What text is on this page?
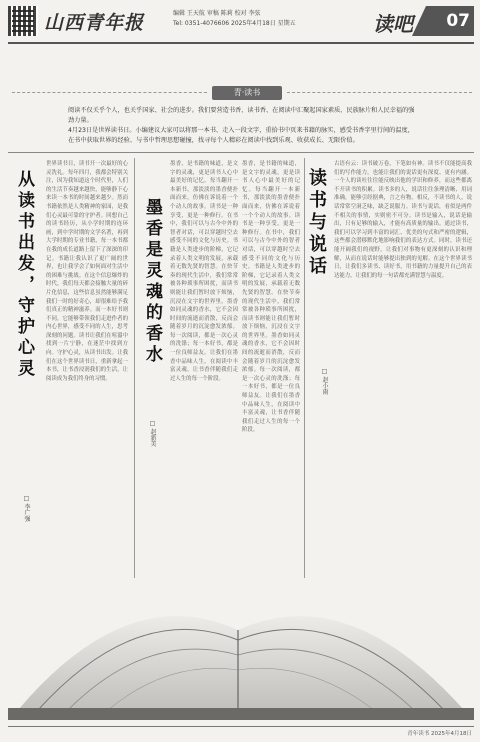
山西青年报	编辑 王天航 审稿 陈莉 校对 李弦
Tel: 0351-4076606 2025年4月18日 星期五	读吧	07
青·读书
阅读不仅关乎个人，也关乎国家、社会的进步。我们要营造书香、读书香、在阅读中汇聚起国家素质、民族脉片和人民幸福的强劲力量。
4月23日是世界读书日。小编建议大家可以将那一本书、走入一段文字，重拾书中页来书籍的脉实，感受书香字里行间的温度，在书中获取世界的经验、与书中哲理思想碰撞，找寻每个人精彩在阅读中找到乐观、收获成长、无限价值。
从读书出发，守护心灵
□ 李广强
世界读书日，读书开一次最好的心灵洗礼。每年四月，我都会特别关注，因为我知道这个时代里，人们的生活节奏越来越快，能够静下心来读一本书的时间越来越少。然而书籍依然是人类精神的家园，是我们心灵最可靠的守护者。回想自己的读书经历，从小学时期的连环画，到中学时期的文学名著，再到大学时期的专业书籍，每一本书都在我的成长道路上留下了深深的印记。书籍让我认识了更广阔的世界，也让我学会了如何面对生活中的困难与挑战。在这个信息爆炸的时代，我们每天都会接触大量的碎片化信息，这些信息虽然能够满足我们一时的好奇心，却很难给予我们真正的精神滋养。而一本好书则不同，它能够带领我们走进作者的内心世界，感受不同的人生，思考深刻的问题。读书让我们在喧嚣中找到一片宁静，在迷茫中找到方向。守护心灵，从读书出发。让我们在这个世界读书日，重新拿起一本书，让书香浸润我们的生活，让阅读成为我们终身的习惯。
墨香是灵魂的香水
□ 赵新美
墨香，是书籍的味道，是文字的灵魂，更是读书人心中最美好的记忆。每当翻开一本新书，那淡淡的墨香便扑面而来，仿佛在诉说着一个个动人的故事。读书是一种享受，更是一种修行。在书中，我们可以与古今中外的智者对话，可以穿越时空去感受不同的文化与历史。书籍是人类进步的阶梯，它记录着人类文明的发展，承载着无数先贤的智慧。在快节奏的现代生活中，我们常常被各种琐事所困扰，而读书则能让我们暂时放下烦恼，沉浸在文字的世界里。墨香如同灵魂的香水，它不会因时间的流逝而消散，反而会随着岁月的沉淀愈发浓郁。每一次阅读，都是一次心灵的洗涤；每一本好书，都是一位良师益友。让我们在墨香中品味人生，在阅读中丰富灵魂，让书香伴随我们走过人生的每一个阶段。
墨香，是书籍的味道，是文字的灵魂，更是读书人心中最美好的记忆。每当翻开一本新书，那淡淡的墨香便扑面而来，仿佛在诉说着一个个动人的故事。读书是一种享受，更是一种修行。在书中，我们可以与古今中外的智者对话，可以穿越时空去感受不同的文化与历史。书籍是人类进步的阶梯，它记录着人类文明的发展，承载着无数先贤的智慧。在快节奏的现代生活中，我们常常被各种琐事所困扰，而读书则能让我们暂时放下烦恼，沉浸在文字的世界里。墨香如同灵魂的香水，它不会因时间的流逝而消散，反而会随着岁月的沉淀愈发浓郁。每一次阅读，都是一次心灵的洗涤；每一本好书，都是一位良师益友。让我们在墨香中品味人生，在阅读中丰富灵魂，让书香伴随我们走过人生的每一个阶段。
读书与说话
□ 赵小雨
古语有云：读书破万卷，下笔如有神。读书不仅能提高我们的写作能力，也能让我们的说话更有深度、更有内涵。一个人的谈吐往往能反映出他的学识和修养，而这些都离不开读书的积累。读书多的人，说话往往条理清晰、用词准确，能够引经据典，言之有物。相反，不读书的人，说话常常空洞乏味，缺乏说服力。读书与说话，看似是两件不相关的事情，实则密不可分。读书是输入，说话是输出，只有足够的输入，才能有高质量的输出。通过读书，我们可以学习到丰富的词汇、优美的句式和严密的逻辑，这些都会潜移默化地影响我们的表达方式。同时，读书还能开阔我们的视野，让我们对事物有更深刻的认识和理解，从而在说话时能够提出独到的见解。在这个世界读书日，让我们多读书、读好书，用书籍的力量提升自己的表达能力，让我们的每一句话都充满智慧与温度。
青年读书 2025年4月18日
